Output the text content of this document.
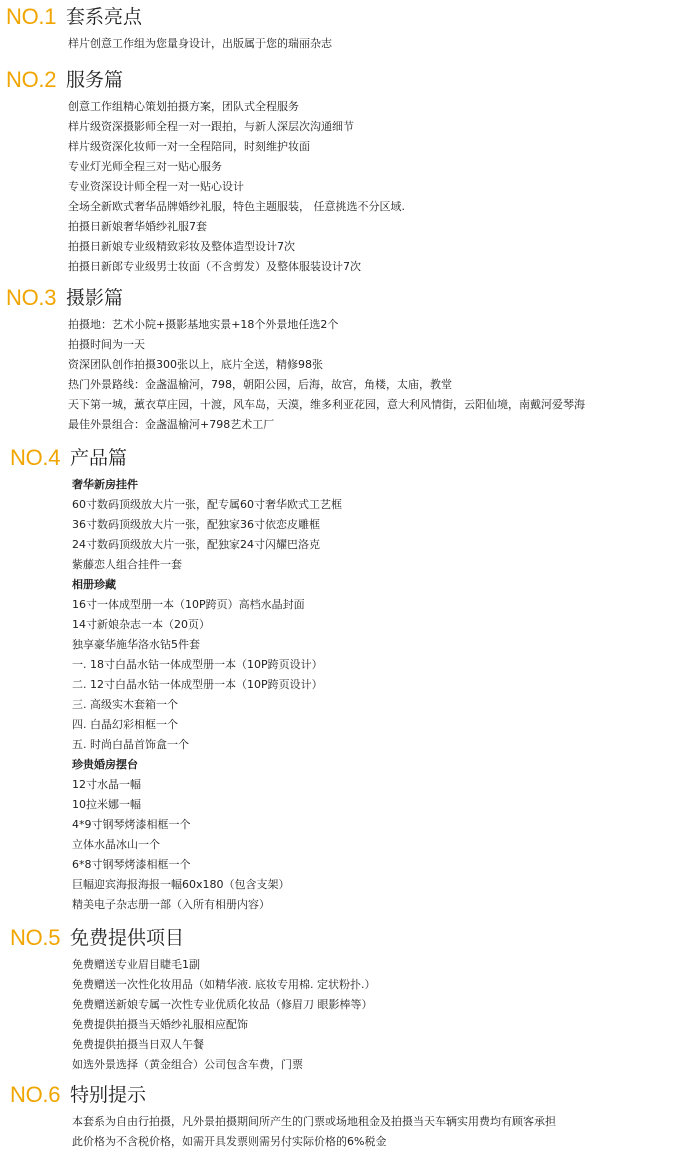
NO.1 套系亮点
样片创意工作组为您量身设计，出版属于您的瑞丽杂志
NO.2 服务篇
创意工作组精心策划拍摄方案，团队式全程服务
样片级资深摄影师全程一对一跟拍，与新人深层次沟通细节
样片级资深化妆师一对一全程陪同，时刻维护妆面
专业灯光师全程三对一贴心服务
专业资深设计师全程一对一贴心设计
全场全新欧式奢华品牌婚纱礼服，特色主题服装， 任意挑选不分区域.
拍摄日新娘奢华婚纱礼服7套
拍摄日新娘专业级精致彩妆及整体造型设计7次
拍摄日新郎专业级男士妆面（不含剪发）及整体服装设计7次
NO.3 摄影篇
拍摄地：艺术小院+摄影基地实景+18个外景地任选2个
拍摄时间为一天
资深团队创作拍摄300张以上，底片全送，精修98张
热门外景路线：金盏温榆河，798，朝阳公园，后海，故宫，角楼，太庙，教堂
天下第一城，薰衣草庄园，十渡，风车岛，天漠，维多利亚花园，意大利风情街，云阳仙境，南戴河爱琴海
最佳外景组合：金盏温榆河+798艺术工厂
NO.4 产品篇
奢华新房挂件
60寸数码顶级放大片一张，配专属60寸奢华欧式工艺框
36寸数码顶级放大片一张，配独家36寸依恋皮雕框
24寸数码顶级放大片一张，配独家24寸闪耀巴洛克
紫藤恋人组合挂件一套
相册珍藏
16寸一体成型册一本（10P跨页）高档水晶封面
14寸新娘杂志一本（20页）
独享豪华施华洛水钻5件套
一. 18寸白晶水钻一体成型册一本（10P跨页设计）
二. 12寸白晶水钻一体成型册一本（10P跨页设计）
三. 高级实木套箱一个
四. 白晶幻彩相框一个
五. 时尚白晶首饰盒一个
珍贵婚房摆台
12寸水晶一幅
10拉米娜一幅
4*9寸钢琴烤漆相框一个
立体水晶冰山一个
6*8寸钢琴烤漆相框一个
巨幅迎宾海报海报一幅60x180（包含支架）
精美电子杂志册一部（入所有相册内容）
NO.5 免费提供项目
免费赠送专业眉目睫毛1副
免费赠送一次性化妆用品（如精华液. 底妆专用棉. 定状粉扑.）
免费赠送新娘专属一次性专业优质化妆品（修眉刀 眼影棒等）
免费提供拍摄当天婚纱礼服相应配饰
免费提供拍摄当日双人午餐
如选外景选择（黄金组合）公司包含车费，门票
NO.6 特别提示
本套系为自由行拍摄，凡外景拍摄期间所产生的门票或场地租金及拍摄当天车辆实用费均有顾客承担
此价格为不含税价格，如需开具发票则需另付实际价格的6%税金
